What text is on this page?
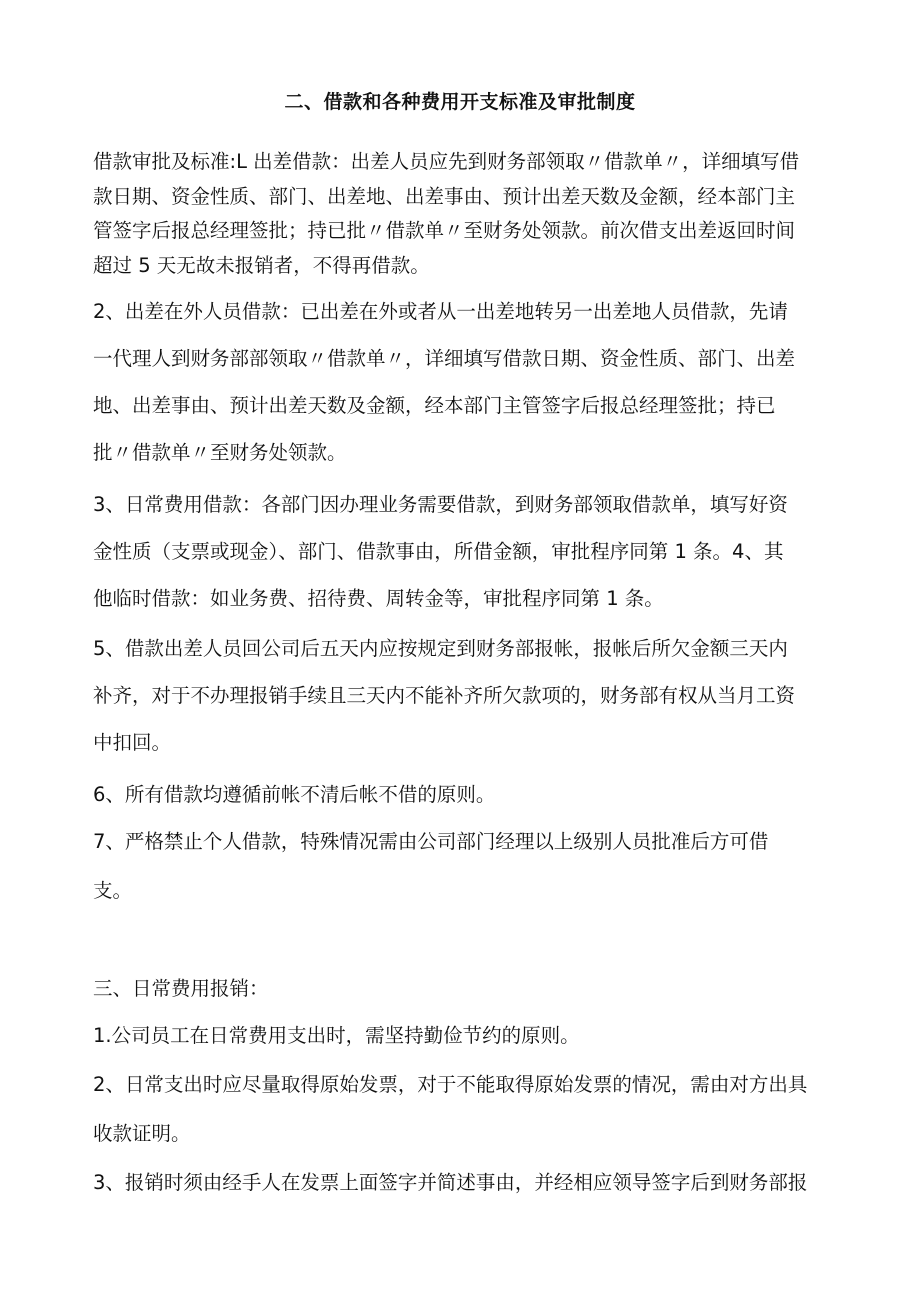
二、借款和各种费用开支标准及审批制度
借款审批及标准:L 出差借款：出差人员应先到财务部领取〃借款单〃，详细填写借
款日期、资金性质、部门、出差地、出差事由、预计出差天数及金额，经本部门主
管签字后报总经理签批；持已批〃借款单〃至财务处领款。前次借支出差返回时间
超过 5 天无故未报销者，不得再借款。
2、出差在外人员借款：已出差在外或者从一出差地转另一出差地人员借款，先请
一代理人到财务部部领取〃借款单〃，详细填写借款日期、资金性质、部门、出差
地、出差事由、预计出差天数及金额，经本部门主管签字后报总经理签批；持已
批〃借款单〃至财务处领款。
3、日常费用借款：各部门因办理业务需要借款，到财务部领取借款单，填写好资
金性质（支票或现金）、部门、借款事由，所借金额，审批程序同第 1 条。4、其
他临时借款：如业务费、招待费、周转金等，审批程序同第 1 条。
5、借款出差人员回公司后五天内应按规定到财务部报帐，报帐后所欠金额三天内
补齐，对于不办理报销手续且三天内不能补齐所欠款项的，财务部有权从当月工资
中扣回。
6、所有借款均遵循前帐不清后帐不借的原则。
7、严格禁止个人借款，特殊情况需由公司部门经理以上级别人员批准后方可借
支。
三、日常费用报销：
1.公司员工在日常费用支出时，需坚持勤俭节约的原则。
2、日常支出时应尽量取得原始发票，对于不能取得原始发票的情况，需由对方出具
收款证明。
3、报销时须由经手人在发票上面签字并简述事由，并经相应领导签字后到财务部报
